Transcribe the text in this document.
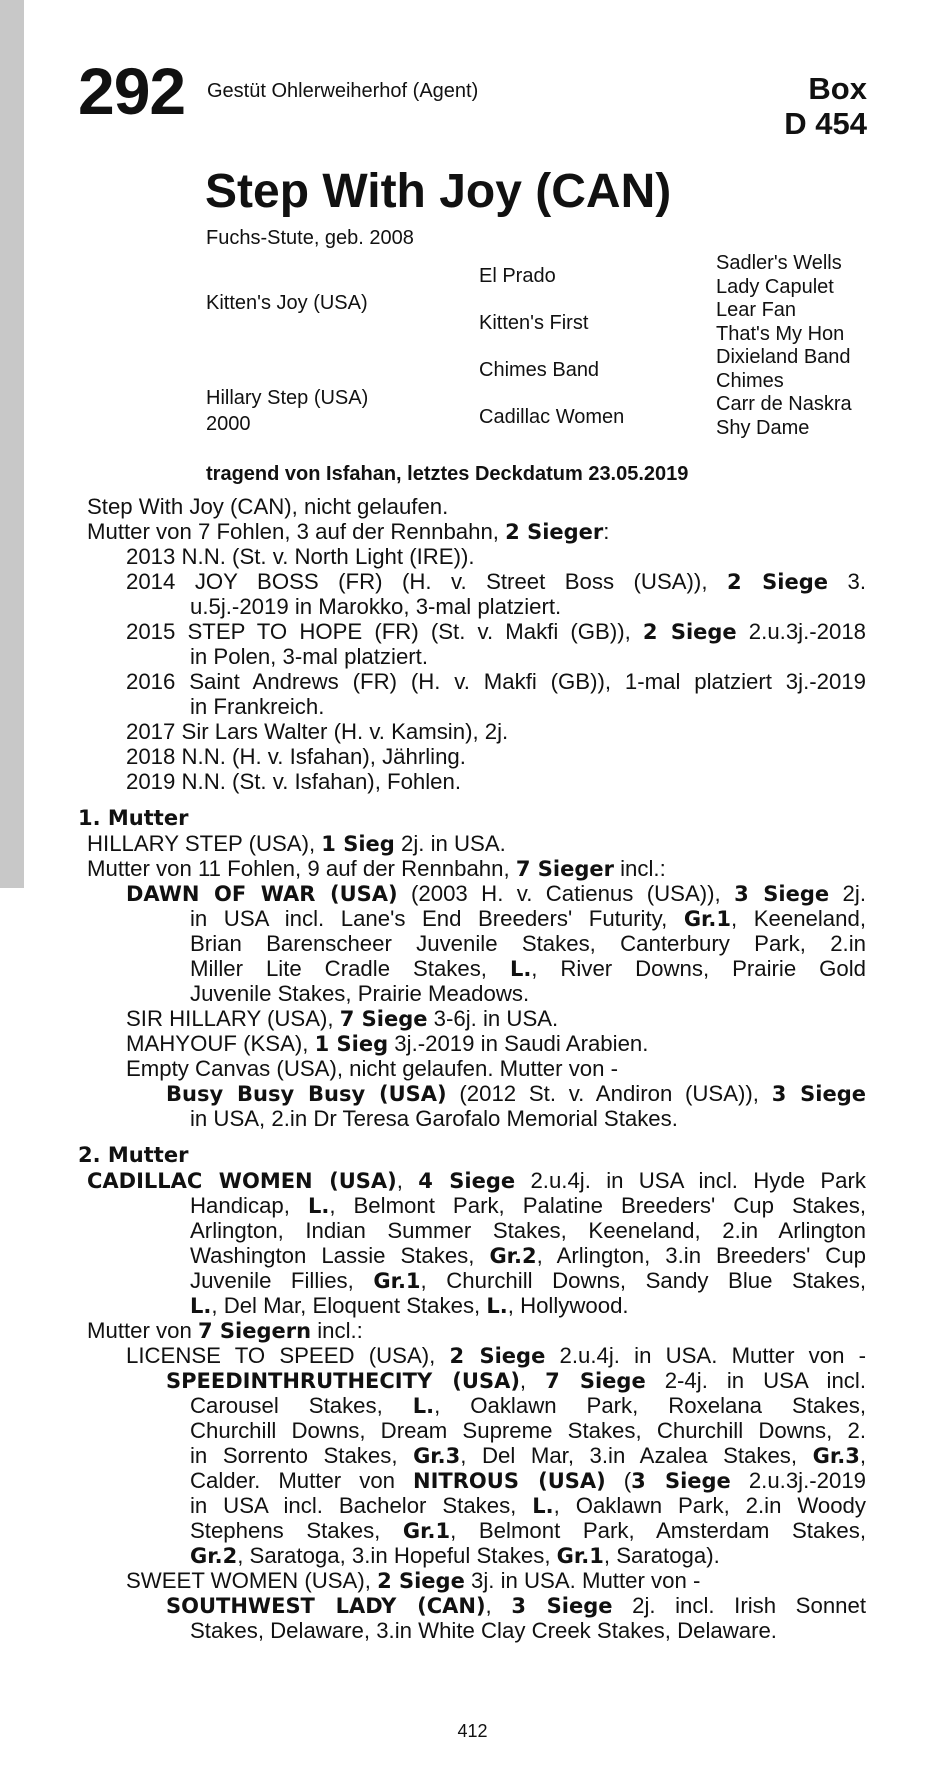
292 Gestüt Ohlerweiherhof (Agent)	Box
D 454
Step With Joy (CAN)
Fuchs-Stute, geb. 2008
Kitten's Joy (USA)
Hillary Step (USA)
2000
El Prado
Kitten's First
Chimes Band
Cadillac Women
Sadler's Wells
Lady Capulet
Lear Fan
That's My Hon
Dixieland Band
Chimes
Carr de Naskra
Shy Dame
tragend von Isfahan, letztes Deckdatum 23.05.2019
Step With Joy (CAN), nicht gelaufen.
Mutter von 7 Fohlen, 3 auf der Rennbahn, 2 Sieger:
2013 N.N. (St. v. North Light (IRE)).
2014 JOY BOSS (FR) (H. v. Street Boss (USA)), 2 Siege 3.
u.5j.-2019 in Marokko, 3-mal platziert.
2015 STEP TO HOPE (FR) (St. v. Makfi (GB)), 2 Siege 2.u.3j.-2018
in Polen, 3-mal platziert.
2016 Saint Andrews (FR) (H. v. Makfi (GB)), 1-mal platziert 3j.-2019
in Frankreich.
2017 Sir Lars Walter (H. v. Kamsin), 2j.
2018 N.N. (H. v. Isfahan), Jährling.
2019 N.N. (St. v. Isfahan), Fohlen.
1. Mutter
HILLARY STEP (USA), 1 Sieg 2j. in USA.
Mutter von 11 Fohlen, 9 auf der Rennbahn, 7 Sieger incl.:
DAWN OF WAR (USA) (2003 H. v. Catienus (USA)), 3 Siege 2j.
in USA incl. Lane's End Breeders' Futurity, Gr.1, Keeneland,
Brian Barenscheer Juvenile Stakes, Canterbury Park, 2.in
Miller Lite Cradle Stakes, L., River Downs, Prairie Gold
Juvenile Stakes, Prairie Meadows.
SIR HILLARY (USA), 7 Siege 3-6j. in USA.
MAHYOUF (KSA), 1 Sieg 3j.-2019 in Saudi Arabien.
Empty Canvas (USA), nicht gelaufen. Mutter von -
Busy Busy Busy (USA) (2012 St. v. Andiron (USA)), 3 Siege
in USA, 2.in Dr Teresa Garofalo Memorial Stakes.
2. Mutter
CADILLAC WOMEN (USA), 4 Siege 2.u.4j. in USA incl. Hyde Park
Handicap, L., Belmont Park, Palatine Breeders' Cup Stakes,
Arlington, Indian Summer Stakes, Keeneland, 2.in Arlington
Washington Lassie Stakes, Gr.2, Arlington, 3.in Breeders' Cup
Juvenile Fillies, Gr.1, Churchill Downs, Sandy Blue Stakes,
L., Del Mar, Eloquent Stakes, L., Hollywood.
Mutter von 7 Siegern incl.:
LICENSE TO SPEED (USA), 2 Siege 2.u.4j. in USA. Mutter von -
SPEEDINTHRUTHECITY (USA), 7 Siege 2-4j. in USA incl.
Carousel Stakes, L., Oaklawn Park, Roxelana Stakes,
Churchill Downs, Dream Supreme Stakes, Churchill Downs, 2.
in Sorrento Stakes, Gr.3, Del Mar, 3.in Azalea Stakes, Gr.3,
Calder. Mutter von NITROUS (USA) (3 Siege 2.u.3j.-2019
in USA incl. Bachelor Stakes, L., Oaklawn Park, 2.in Woody
Stephens Stakes, Gr.1, Belmont Park, Amsterdam Stakes,
Gr.2, Saratoga, 3.in Hopeful Stakes, Gr.1, Saratoga).
SWEET WOMEN (USA), 2 Siege 3j. in USA. Mutter von -
SOUTHWEST LADY (CAN), 3 Siege 2j. incl. Irish Sonnet
Stakes, Delaware, 3.in White Clay Creek Stakes, Delaware.
412
